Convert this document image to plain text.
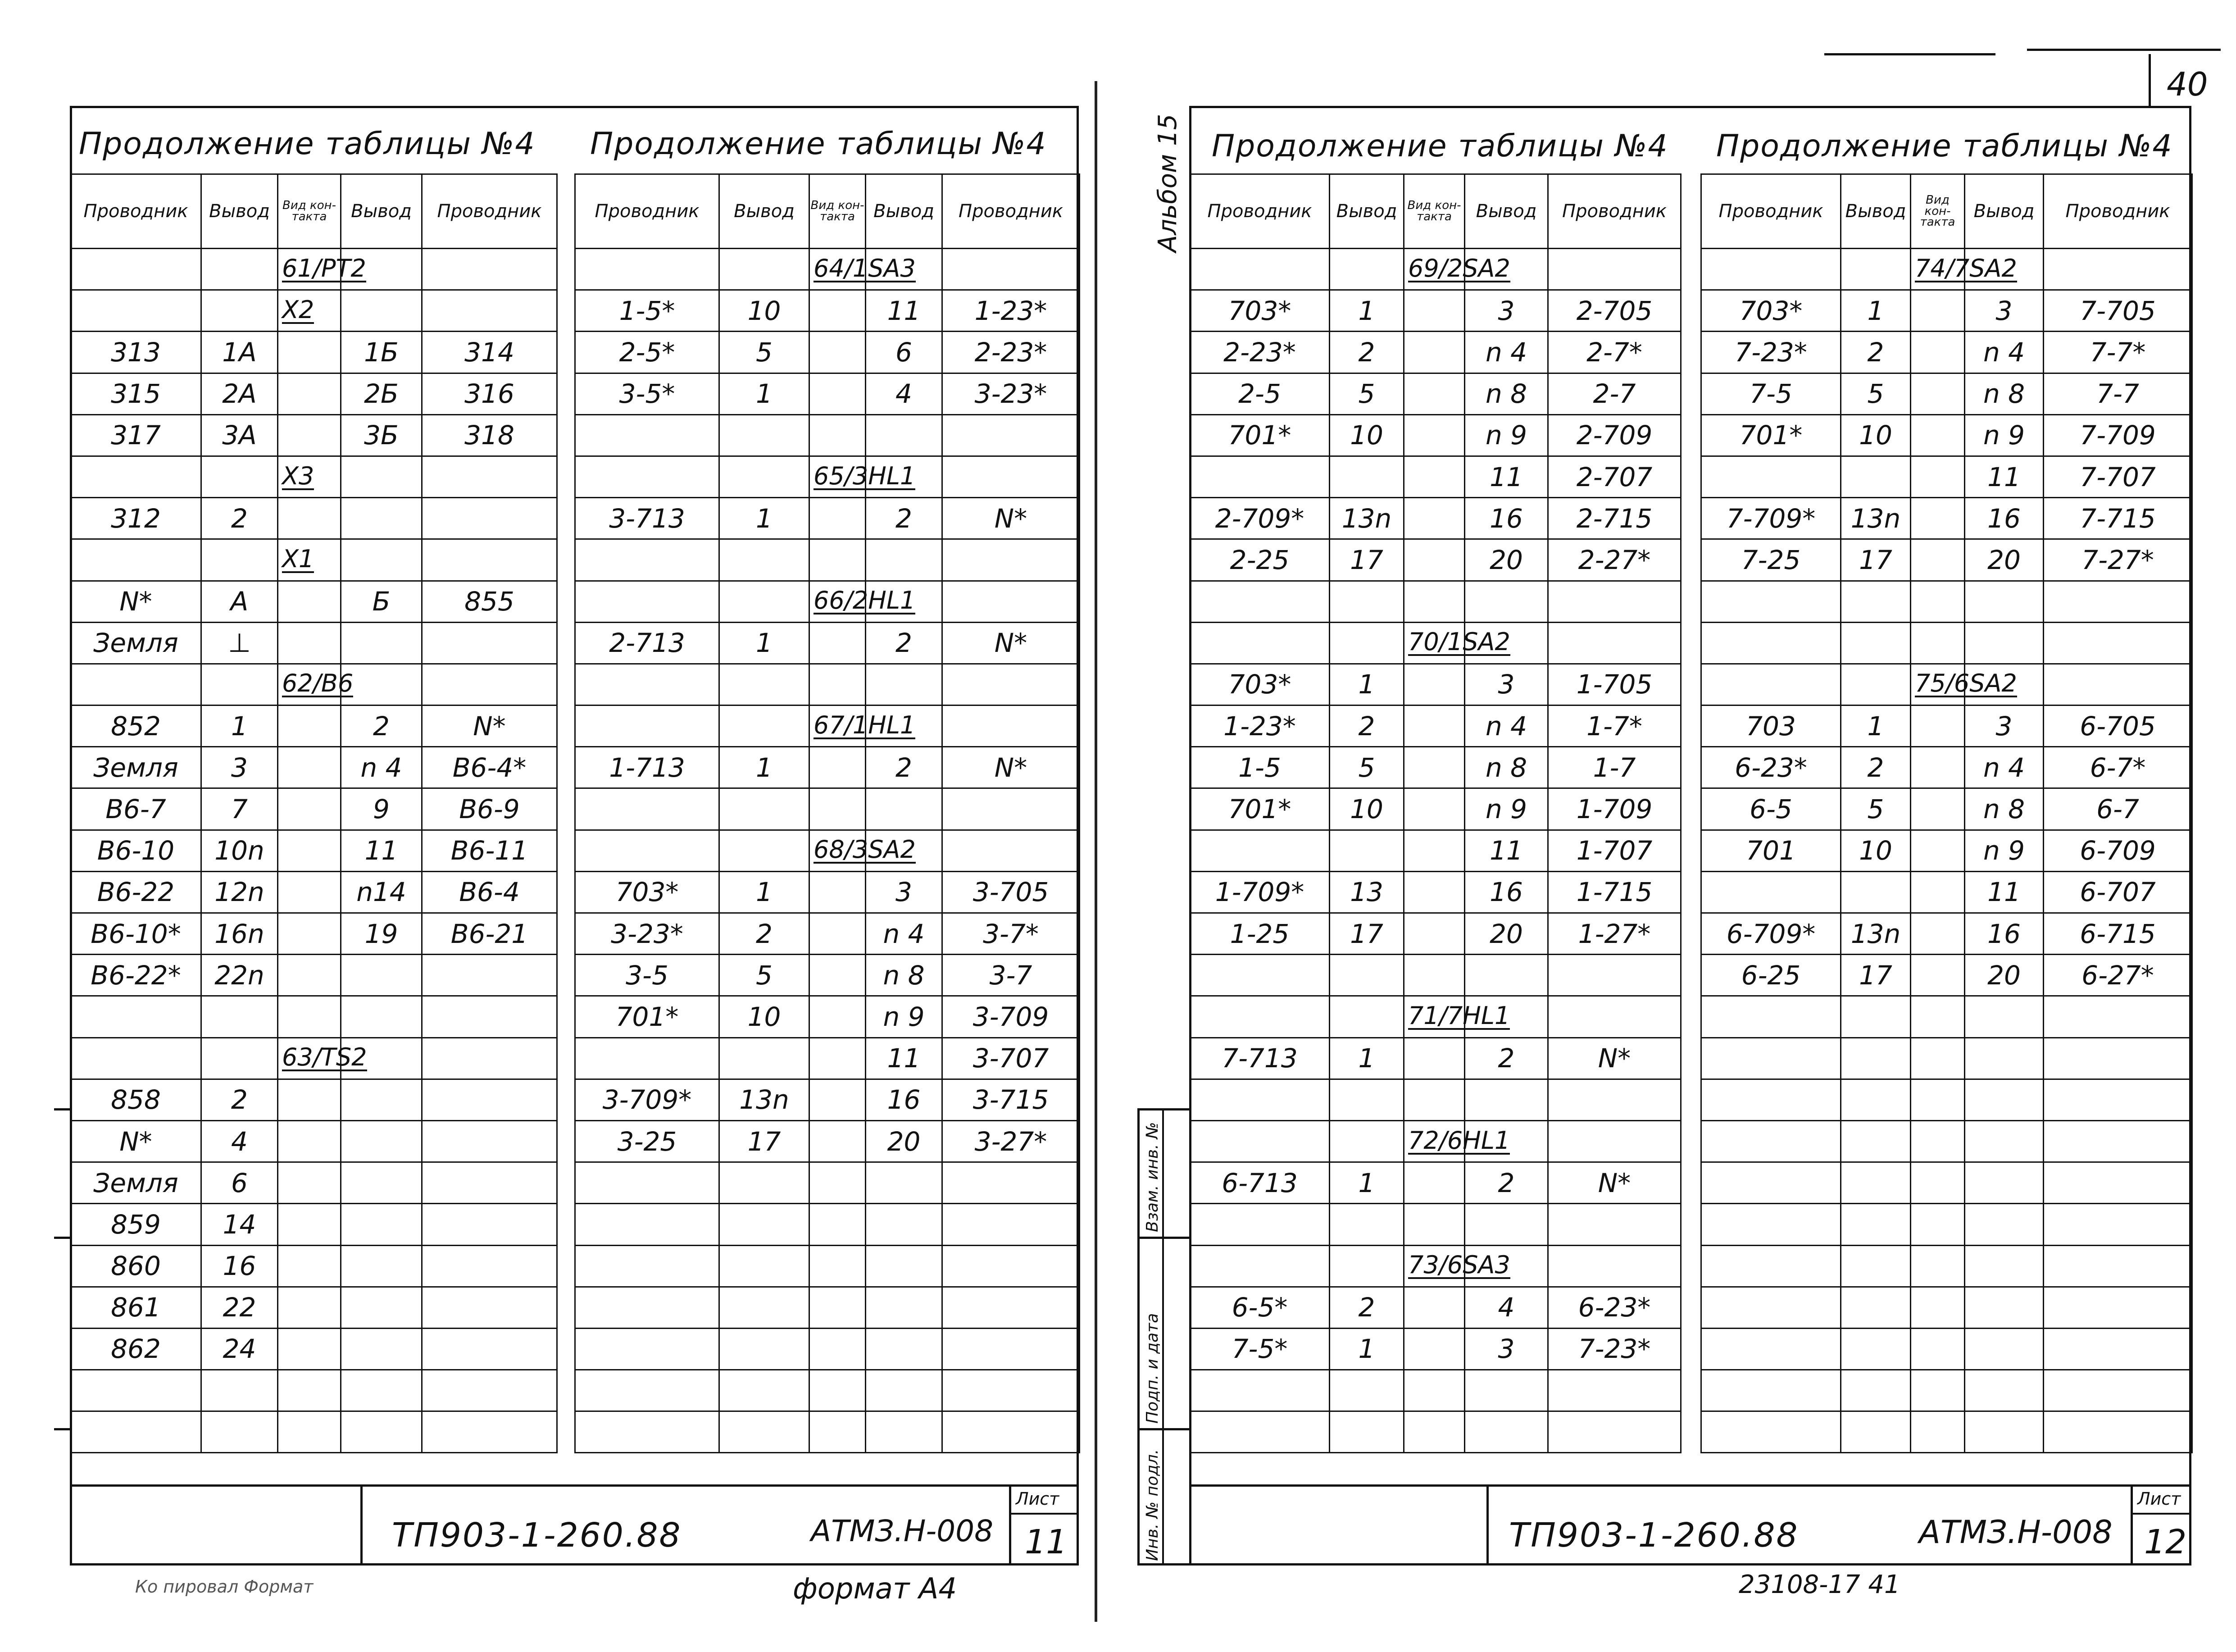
40
Продолжение таблицы №4 Продолжение таблицы №4
Проводник	Вывод	Вид кон-такта	Вывод	Проводник
		61/PT2		
		X2		
313	1A		1Б	314
315	2A		2Б	316
317	3A		3Б	318
		X3		
312	2			
		X1		
N*	A		Б	855
Земля	⊥			
		62/B6		
852	1		2	N*
Земля	3		n 4	B6-4*
B6-7	7		9	B6-9
B6-10	10n		11	B6-11
B6-22	12n		n14	B6-4
B6-10*	16n		19	B6-21
B6-22*	22n			

		63/TS2		
858	2			
N*	4			
Земля	6			
859	14			
860	16			
861	22			
862	24			

Проводник	Вывод	Вид кон-такта	Вывод	Проводник
		64/1SA3		
1-5*	10		11	1-23*
2-5*	5		6	2-23*
3-5*	1		4	3-23*

		65/3HL1		
3-713	1		2	N*

		66/2HL1		
2-713	1		2	N*

		67/1HL1		
1-713	1		2	N*

		68/3SA2		
703*	1		3	3-705
3-23*	2		n 4	3-7*
3-5	5		n 8	3-7
701*	10		n 9	3-709
			11	3-707
3-709*	13n		16	3-715
3-25	17		20	3-27*

ТП903-1-260.88	АТМЗ.Н-008
Лист
11
формат А4
Ко пировал Формат
Альбом 15 Продолжение таблицы №4 Продолжение таблицы №4
Проводник	Вывод	Вид кон-такта	Вывод	Проводник
		69/2SA2		
703*	1		3	2-705
2-23*	2		n 4	2-7*
2-5	5		n 8	2-7
701*	10		n 9	2-709
			11	2-707
2-709*	13n		16	2-715
2-25	17		20	2-27*

		70/1SA2		
703*	1		3	1-705
1-23*	2		n 4	1-7*
1-5	5		n 8	1-7
701*	10		n 9	1-709
			11	1-707
1-709*	13		16	1-715
1-25	17		20	1-27*

		71/7HL1		
7-713	1		2	N*

		72/6HL1		
6-713	1		2	N*

		73/6SA3		
6-5*	2		4	6-23*
7-5*	1		3	7-23*

Проводник	Вывод	Вид кон-такта	Вывод	Проводник
		74/7SA2		
703*	1		3	7-705
7-23*	2		n 4	7-7*
7-5	5		n 8	7-7
701*	10		n 9	7-709
			11	7-707
7-709*	13n		16	7-715
7-25	17		20	7-27*

		75/6SA2		
703	1		3	6-705
6-23*	2		n 4	6-7*
6-5	5		n 8	6-7
701	10		n 9	6-709
			11	6-707
6-709*	13n		16	6-715
6-25	17		20	6-27*

Взам. инв. №
Подп. и дата
Инв. № подл.	ТП903-1-260.88	АТМЗ.Н-008
Лист
12
23108-17 41
